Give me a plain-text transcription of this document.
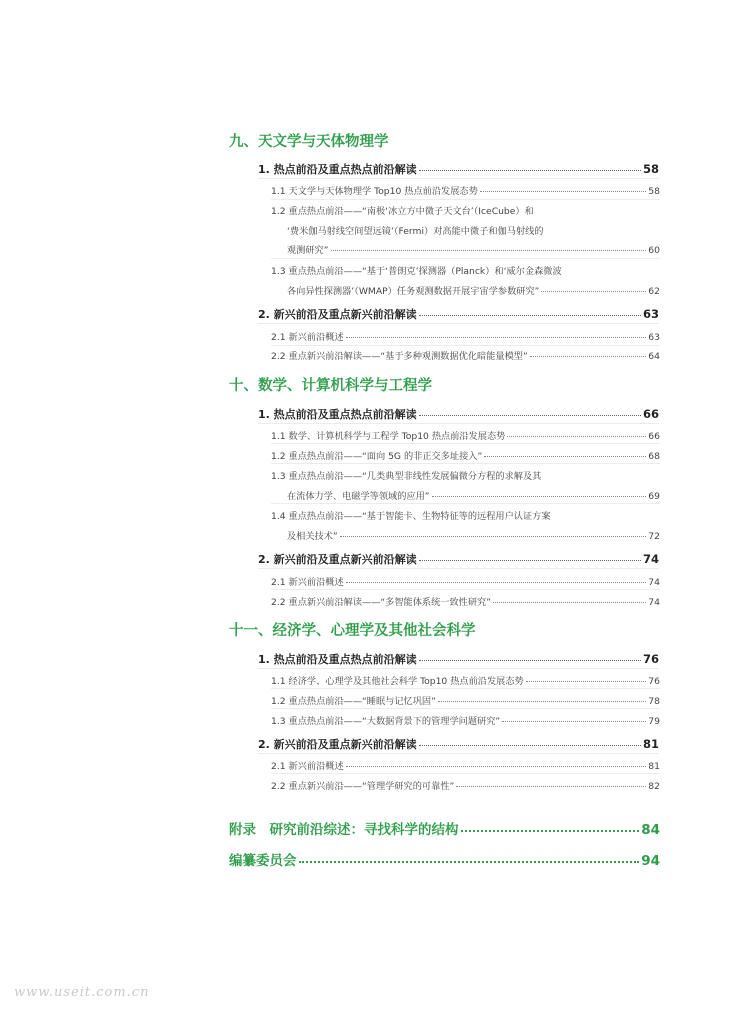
九、天文学与天体物理学
1. 热点前沿及重点热点前沿解读	58
1.1 天文学与天体物理学 Top10 热点前沿发展态势	58
1.2 重点热点前沿——“南极‘冰立方中微子天文台’（IceCube）和
‘费米伽马射线空间望远镜’（Fermi）对高能中微子和伽马射线的
观测研究”	60
1.3 重点热点前沿——“基于‘普朗克’探测器（Planck）和‘威尔金森微波
各向异性探测器’（WMAP）任务观测数据开展宇宙学参数研究”	62
2. 新兴前沿及重点新兴前沿解读	63
2.1 新兴前沿概述	63
2.2 重点新兴前沿解读——“基于多种观测数据优化暗能量模型”	64
十、数学、计算机科学与工程学
1. 热点前沿及重点热点前沿解读	66
1.1 数学、计算机科学与工程学 Top10 热点前沿发展态势	66
1.2 重点热点前沿——“面向 5G 的非正交多址接入”	68
1.3 重点热点前沿——“几类典型非线性发展偏微分方程的求解及其
在流体力学、电磁学等领域的应用”	69
1.4 重点热点前沿——“基于智能卡、生物特征等的远程用户认证方案
及相关技术”	72
2. 新兴前沿及重点新兴前沿解读	74
2.1 新兴前沿概述	74
2.2 重点新兴前沿解读——“多智能体系统一致性研究”	74
十一、经济学、心理学及其他社会科学
1. 热点前沿及重点热点前沿解读	76
1.1 经济学、心理学及其他社会科学 Top10 热点前沿发展态势	76
1.2 重点热点前沿——“睡眠与记忆巩固”	78
1.3 重点热点前沿——“大数据背景下的管理学问题研究”	79
2. 新兴前沿及重点新兴前沿解读	81
2.1 新兴前沿概述	81
2.2 重点新兴前沿——“管理学研究的可靠性”	82
附录　研究前沿综述：寻找科学的结构	84
编纂委员会	94
www.useit.com.cn
